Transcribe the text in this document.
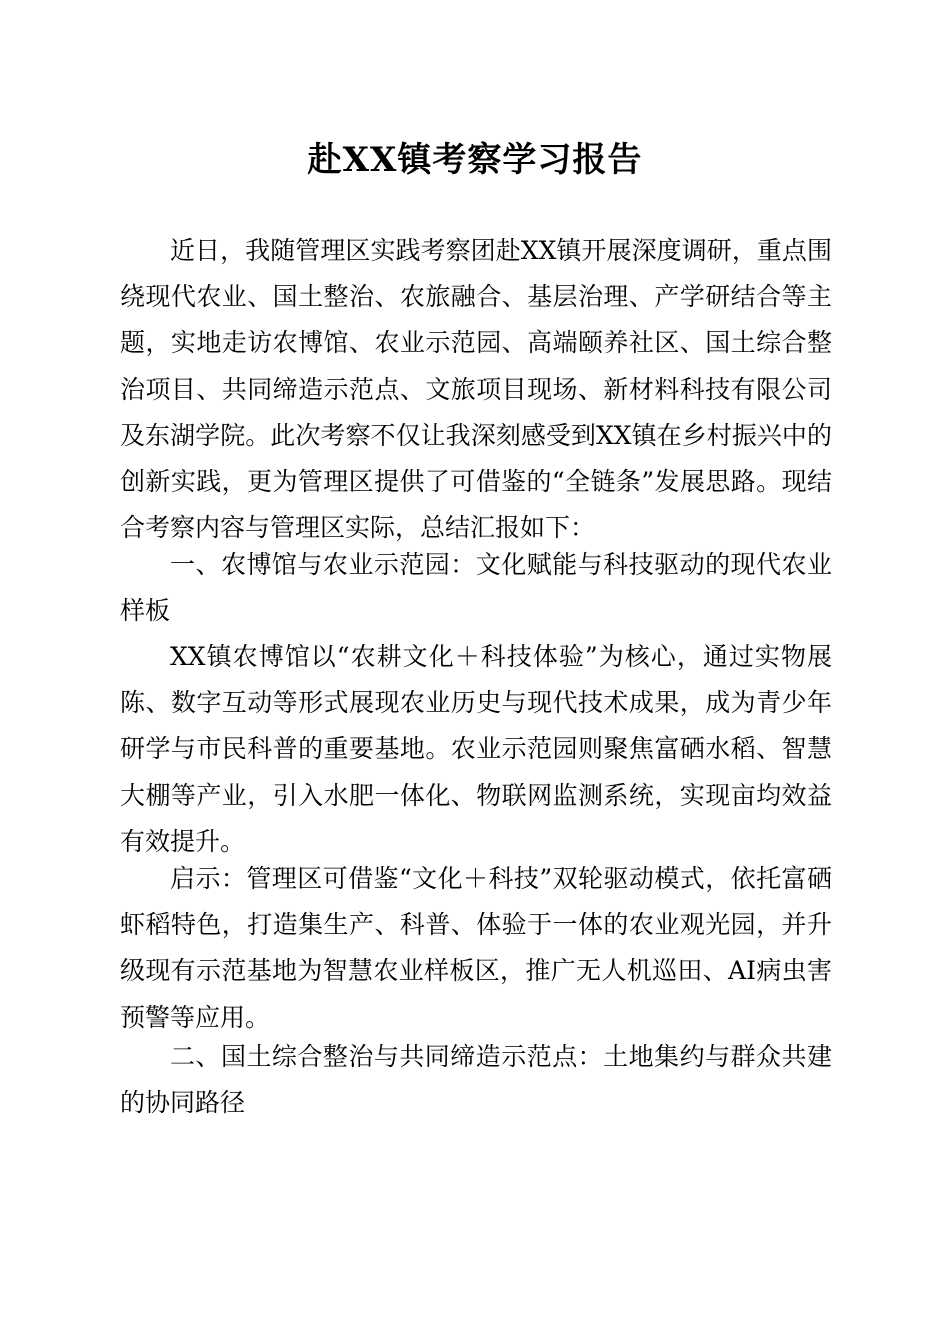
赴XX镇考察学习报告

近日，我随管理区实践考察团赴XX镇开展深度调研，重点围绕现代农业、国土整治、农旅融合、基层治理、产学研结合等主题，实地走访农博馆、农业示范园、高端颐养社区、国土综合整治项目、共同缔造示范点、文旅项目现场、新材料科技有限公司及东湖学院。此次考察不仅让我深刻感受到XX镇在乡村振兴中的创新实践，更为管理区提供了可借鉴的“全链条”发展思路。现结合考察内容与管理区实际，总结汇报如下：

一、农博馆与农业示范园：文化赋能与科技驱动的现代农业样板

XX镇农博馆以“农耕文化＋科技体验”为核心，通过实物展陈、数字互动等形式展现农业历史与现代技术成果，成为青少年研学与市民科普的重要基地。农业示范园则聚焦富硒水稻、智慧大棚等产业，引入水肥一体化、物联网监测系统，实现亩均效益有效提升。

启示：管理区可借鉴“文化＋科技”双轮驱动模式，依托富硒虾稻特色，打造集生产、科普、体验于一体的农业观光园，并升级现有示范基地为智慧农业样板区，推广无人机巡田、AI病虫害预警等应用。

二、国土综合整治与共同缔造示范点：土地集约与群众共建的协同路径
